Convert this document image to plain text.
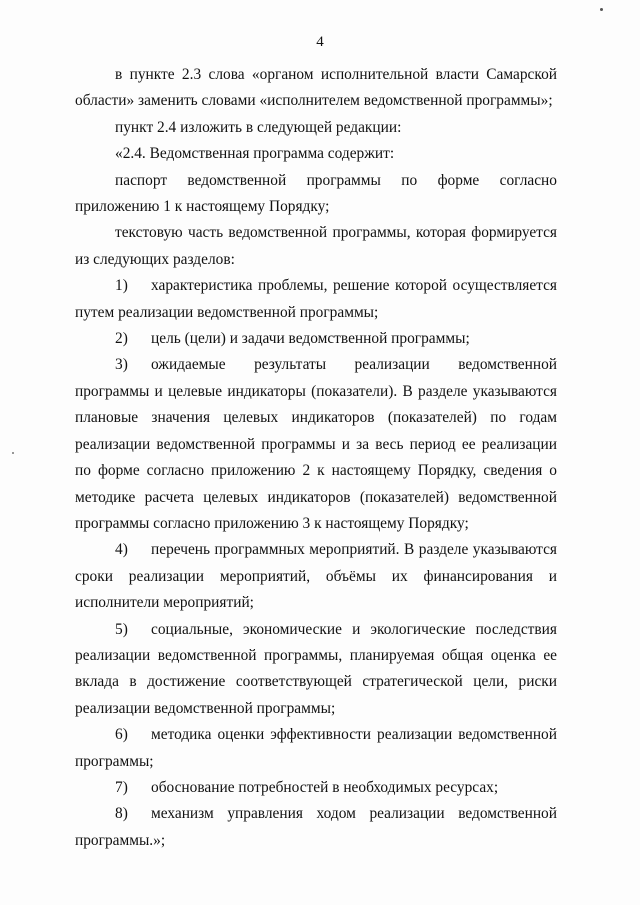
4

в пункте 2.3 слова «органом исполнительной власти Самарской области» заменить словами «исполнителем ведомственной программы»;

пункт 2.4 изложить в следующей редакции:

«2.4. Ведомственная программа содержит:

паспорт ведомственной программы по форме согласно приложению 1 к настоящему Порядку;

текстовую часть ведомственной программы, которая формируется из следующих разделов:

1) характеристика проблемы, решение которой осуществляется путем реализации ведомственной программы;

2) цель (цели) и задачи ведомственной программы;

3) ожидаемые результаты реализации ведомственной программы и целевые индикаторы (показатели). В разделе указываются плановые значения целевых индикаторов (показателей) по годам реализации ведомственной программы и за весь период ее реализации по форме согласно приложению 2 к настоящему Порядку, сведения о методике расчета целевых индикаторов (показателей) ведомственной программы согласно приложению 3 к настоящему Порядку;

4) перечень программных мероприятий. В разделе указываются сроки реализации мероприятий, объёмы их финансирования и исполнители мероприятий;

5) социальные, экономические и экологические последствия реализации ведомственной программы, планируемая общая оценка ее вклада в достижение соответствующей стратегической цели, риски реализации ведомственной программы;

6) методика оценки эффективности реализации ведомственной программы;

7) обоснование потребностей в необходимых ресурсах;

8) механизм управления ходом реализации ведомственной программы.»;
